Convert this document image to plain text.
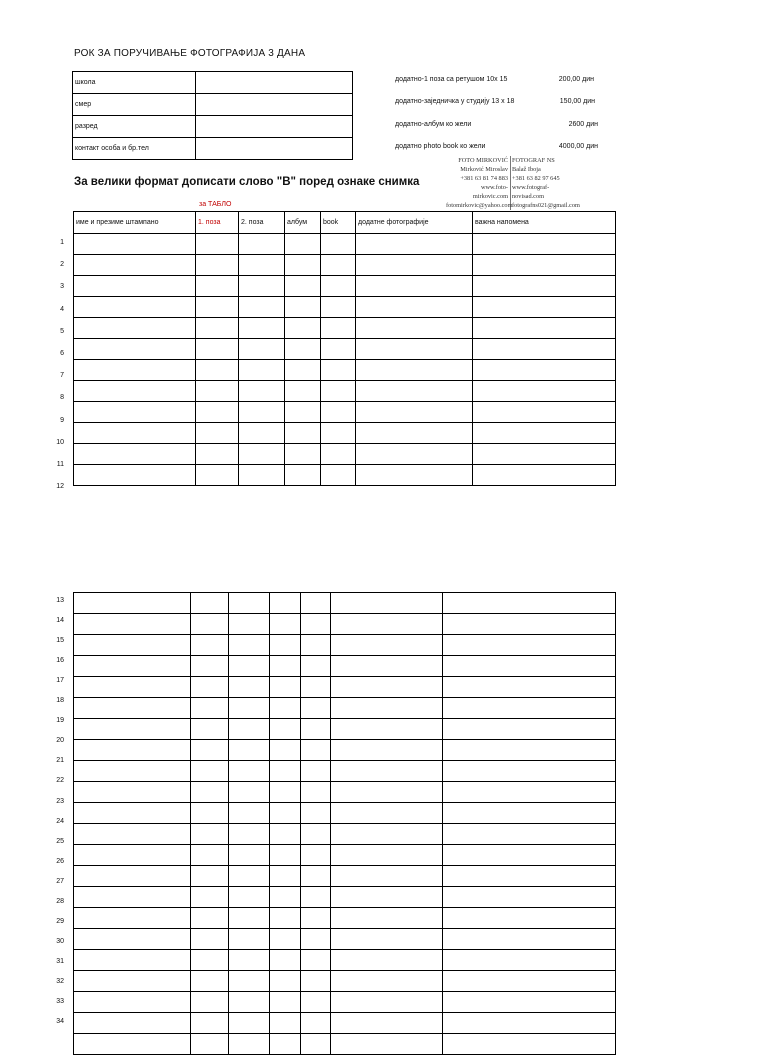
РОК ЗА ПОРУЧИВАЊЕ ФОТОГРАФИЈА 3 ДАНА
школа	
смер	
разред	
контакт особа и бр.тел	
додатно-1 поза са ретушом 10x 15	200,00 дин
додатно-заједничка у студију 13 x 18	150,00 дин
додатно-албум ко жели	2600 дин
додатно photo book ко жели	4000,00 дин
FOTO MIRKOVIĆ
Mirković Miroslav
+381 63 81 74 883
www.foto-mirkovic.com
fotomirkovic@yahoo.com
FOTOGRAF NS
Balaž Iboja
+381 63 82 97 645
www.fotograf-novisad.com
fotografns021@gmail.com
За велики формат дописати слово "В" поред ознаке снимка
за ТАБЛО
име и презиме штампано	1. поза	2. поза	албум	book	додатне фотографије	важна напомена

1
2
3
4
5
6
7
8
9
10
11
12

13
14
15
16
17
18
19
20
21
22
23
24
25
26
27
28
29
30
31
32
33
34
